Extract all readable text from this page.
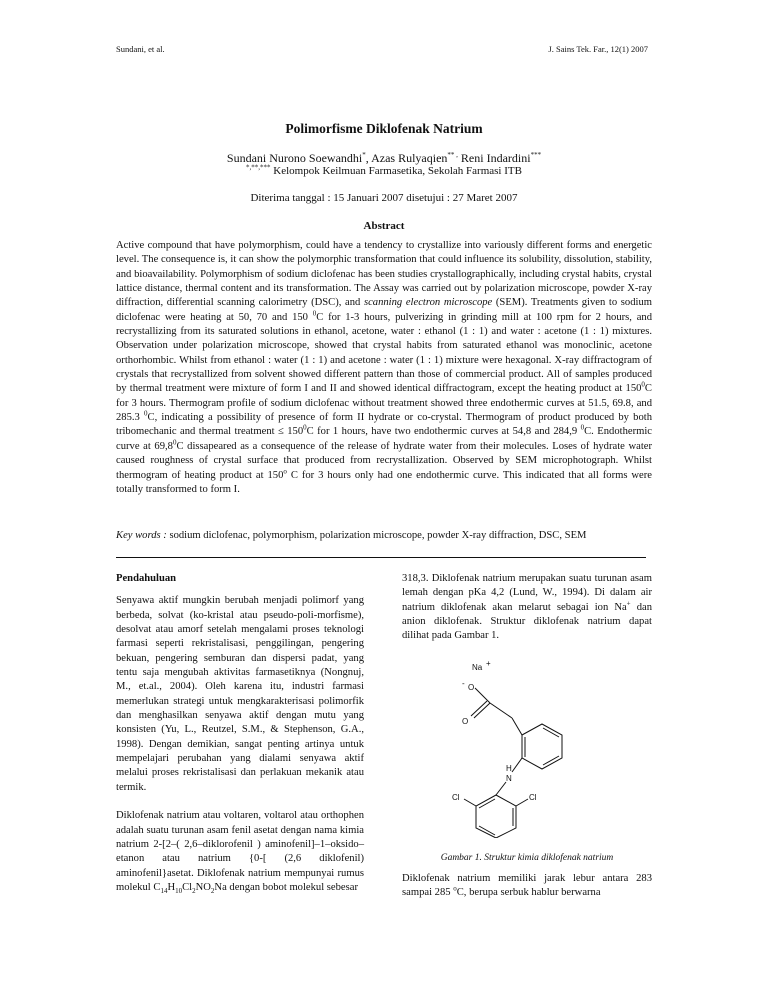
Sundani, et al.	J. Sains Tek. Far., 12(1) 2007
Polimorfisme Diklofenak Natrium
Sundani Nurono Soewandhi*, Azas Rulyaqien** , Reni Indardini***
*,**,*** Kelompok Keilmuan Farmasetika, Sekolah Farmasi ITB
Diterima tanggal : 15 Januari 2007 disetujui : 27 Maret 2007
Abstract

Active compound that have polymorphism, could have a tendency to crystallize into variously different forms and energetic level. The consequence is, it can show the polymorphic transformation that could influence its solubility, dissolution, stability, and bioavailability. Polymorphism of sodium diclofenac has been studies crystallographically, including crystal habits, crystal lattice distance, thermal content and its transformation. The Assay was carried out by polarization microscope, powder X-ray diffraction, differential scanning calorimetry (DSC), and scanning electron microscope (SEM). Treatments given to sodium diclofenac were heating at 50, 70 and 150 $^0$C for 1-3 hours, pulverizing in grinding mill at 100 rpm for 2 hours, and recrystallizing from its saturated solutions in ethanol, acetone, water : ethanol (1 : 1) and water : acetone (1 : 1) mixtures. Observation under polarization microscope, showed that crystal habits from saturated ethanol was monoclinic, acetone orthorhombic. Whilst from ethanol : water (1 : 1) and acetone : water (1 : 1) mixture were hexagonal. X-ray diffractogram of crystals that recrystallized from solvent showed different pattern than those of commercial product. All of samples produced by thermal treatment were mixture of form I and II and showed identical diffractogram, except the heating product at $150^0C$ for 3 hours. Thermogram profile of sodium diclofenac without treatment showed three endothermic curves at 51.5, 69.8, and 285.3 $^0$C, indicating a possibility of presence of form II hydrate or co-crystal. Thermogram of product produced by both tribomechanic and thermal treatment ≤ $150^0C$ for 1 hours, have two endothermic curves at 54,8 and 284,9 $^0$C. Endothermic curve at 69,8$^0$C dissapeared as a consequence of the release of hydrate water from their molecules. Loses of hydrate water caused roughness of crystal surface that produced from recrystallization. Observed by SEM microphotograph. Whilst thermogram of heating product at 150$^o$ C for 3 hours only had one endothermic curve. This indicated that all forms were totally transformed to form I.

Key words : sodium diclofenac, polymorphism, polarization microscope, powder X-ray diffraction, DSC, SEM
Pendahuluan

Senyawa aktif mungkin berubah menjadi polimorf yang berbeda, solvat (ko-kristal atau pseudo-poli-morfisme), desolvat atau amorf setelah mengalami proses teknologi farmasi seperti rekristalisasi, penggilingan, pengering bekuan, pengering semburan dan dispersi padat, yang tentu saja mengubah aktivitas farmasetiknya (Nongnuj, M., et.al., 2004). Oleh karena itu, industri farmasi memerlukan strategi untuk mengkarakterisasi polimorfik dan menghasilkan senyawa aktif dengan mutu yang konsisten (Yu, L., Reutzel, S.M., & Stephenson, G.A., 1998). Dengan demikian, sangat penting artinya untuk mempelajari perubahan yang dialami senyawa aktif melalui proses rekristalisasi dan perlakuan mekanik atau termik.

Diklofenak natrium atau voltaren, voltarol atau orthophen adalah suatu turunan asam fenil asetat dengan nama kimia natrium 2-[2–( 2,6–diklorofenil ) aminofenil]–1–oksido–etanon atau natrium {0-[ (2,6 diklofenil) aminofenil}asetat. Diklofenak natrium mempunyai rumus molekul $C_{14}H_{10}Cl_2NO_2Na$ dengan bobot molekul sebesar

318,3. Diklofenak natrium merupakan suatu turunan asam lemah dengan pKa 4,2 (Lund, W., 1994). Di dalam air natrium diklofenak akan melarut sebagai ion Na+ dan anion diklofenak. Struktur diklofenak natrium dapat dilihat pada Gambar 1.

Na +
O
-
O
H
N
Cl	Cl
Gambar 1. Struktur kimia diklofenak natrium

Diklofenak natrium memiliki jarak lebur antara 283 sampai 285 $^o$C, berupa serbuk hablur berwarna
